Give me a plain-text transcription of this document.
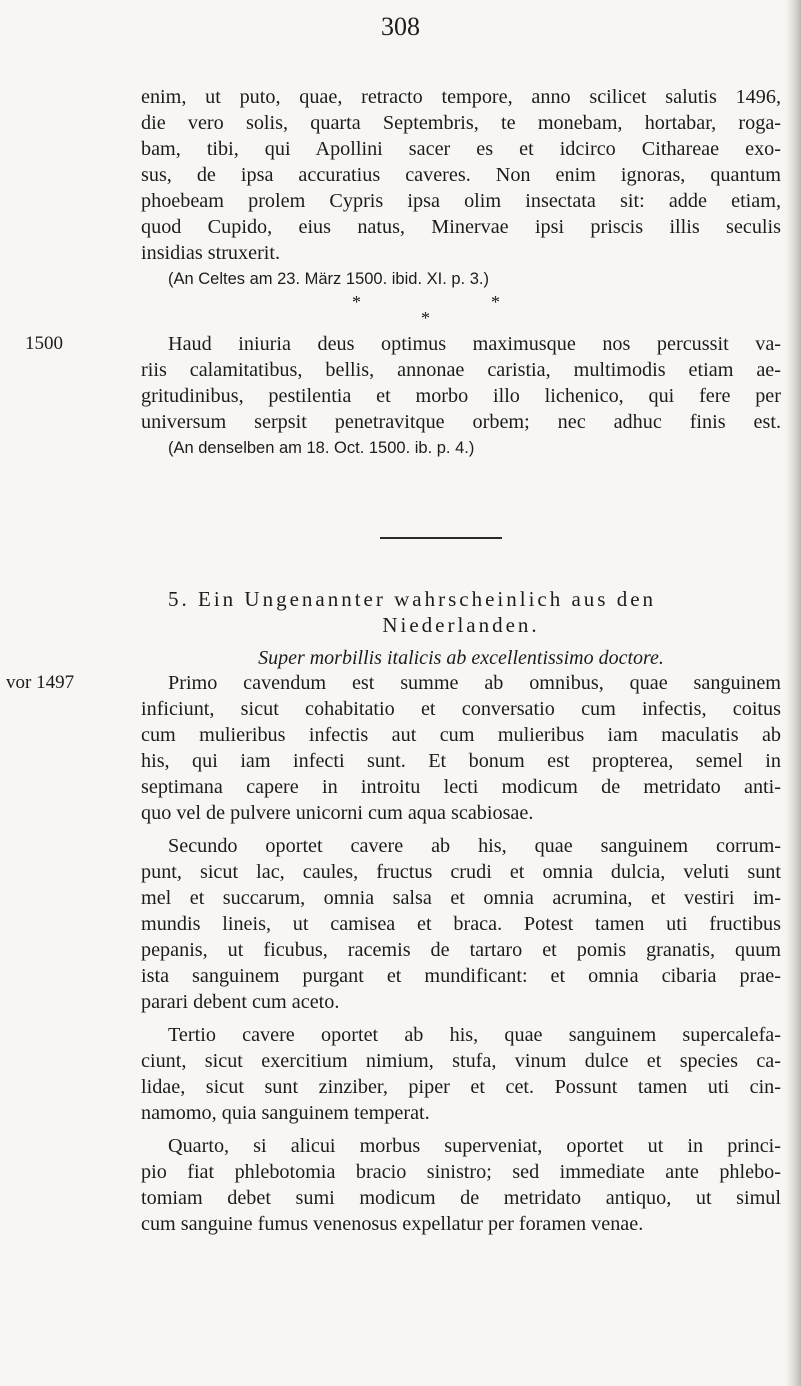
308
enim, ut puto, quae, retracto tempore, anno scilicet salutis 1496,
die vero solis, quarta Septembris, te monebam, hortabar, roga-
bam, tibi, qui Apollini sacer es et idcirco Cithareae exo-
sus, de ipsa accuratius caveres. Non enim ignoras, quantum
phoebeam prolem Cypris ipsa olim insectata sit: adde etiam,
quod Cupido, eius natus, Minervae ipsi priscis illis seculis
insidias struxerit.
(An Celtes am 23. März 1500. ibid. XI. p. 3.)
*	*
*
1500	Haud iniuria deus optimus maximusque nos percussit va-
riis calamitatibus, bellis, annonae caristia, multimodis etiam ae-
gritudinibus, pestilentia et morbo illo lichenico, qui fere per
universum serpsit penetravitque orbem; nec adhuc finis est.
(An denselben am 18. Oct. 1500. ib. p. 4.)
5. Ein Ungenannter wahrscheinlich aus den
Niederlanden.
Super morbillis italicis ab excellentissimo doctore.
vor 1497	Primo cavendum est summe ab omnibus, quae sanguinem
inficiunt, sicut cohabitatio et conversatio cum infectis, coitus
cum mulieribus infectis aut cum mulieribus iam maculatis ab
his, qui iam infecti sunt. Et bonum est propterea, semel in
septimana capere in introitu lecti modicum de metridato anti-
quo vel de pulvere unicorni cum aqua scabiosae.
Secundo oportet cavere ab his, quae sanguinem corrum-
punt, sicut lac, caules, fructus crudi et omnia dulcia, veluti sunt
mel et succarum, omnia salsa et omnia acrumina, et vestiri im-
mundis lineis, ut camisea et braca. Potest tamen uti fructibus
pepanis, ut ficubus, racemis de tartaro et pomis granatis, quum
ista sanguinem purgant et mundificant: et omnia cibaria prae-
parari debent cum aceto.
Tertio cavere oportet ab his, quae sanguinem supercalefa-
ciunt, sicut exercitium nimium, stufa, vinum dulce et species ca-
lidae, sicut sunt zinziber, piper et cet. Possunt tamen uti cin-
namomo, quia sanguinem temperat.
Quarto, si alicui morbus superveniat, oportet ut in princi-
pio fiat phlebotomia bracio sinistro; sed immediate ante phlebo-
tomiam debet sumi modicum de metridato antiquo, ut simul
cum sanguine fumus venenosus expellatur per foramen venae.
